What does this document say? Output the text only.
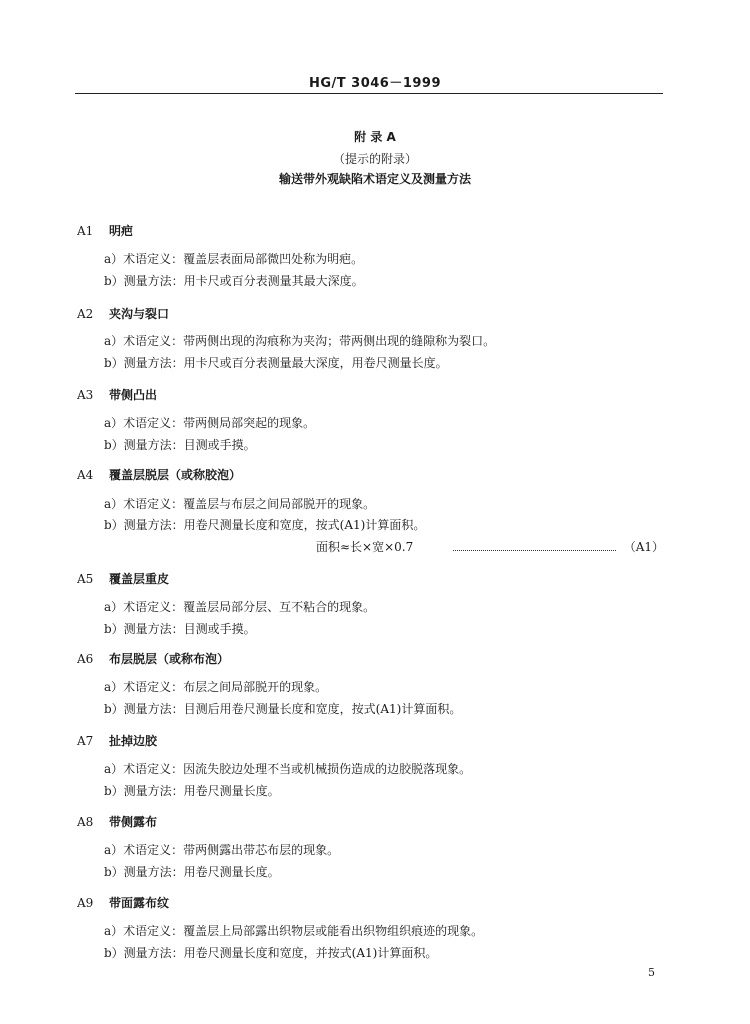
HG/T 3046－1999
附 录 A
（提示的附录）
输送带外观缺陷术语定义及测量方法
A1 明疤
a）术语定义：覆盖层表面局部微凹处称为明疤。
b）测量方法：用卡尺或百分表测量其最大深度。
A2 夹沟与裂口
a）术语定义：带两侧出现的沟痕称为夹沟；带两侧出现的缝隙称为裂口。
b）测量方法：用卡尺或百分表测量最大深度，用卷尺测量长度。
A3 带侧凸出
a）术语定义：带两侧局部突起的现象。
b）测量方法：目测或手摸。
A4 覆盖层脱层（或称胶泡）
a）术语定义：覆盖层与布层之间局部脱开的现象。
b）测量方法：用卷尺测量长度和宽度，按式(A1)计算面积。
面积≈长×宽×0.7	（A1）
A5 覆盖层重皮
a）术语定义：覆盖层局部分层、互不粘合的现象。
b）测量方法：目测或手摸。
A6 布层脱层（或称布泡）
a）术语定义：布层之间局部脱开的现象。
b）测量方法：目测后用卷尺测量长度和宽度，按式(A1)计算面积。
A7 扯掉边胶
a）术语定义：因流失胶边处理不当或机械损伤造成的边胶脱落现象。
b）测量方法：用卷尺测量长度。
A8 带侧露布
a）术语定义：带两侧露出带芯布层的现象。
b）测量方法：用卷尺测量长度。
A9 带面露布纹
a）术语定义：覆盖层上局部露出织物层或能看出织物组织痕迹的现象。
b）测量方法：用卷尺测量长度和宽度，并按式(A1)计算面积。
5
